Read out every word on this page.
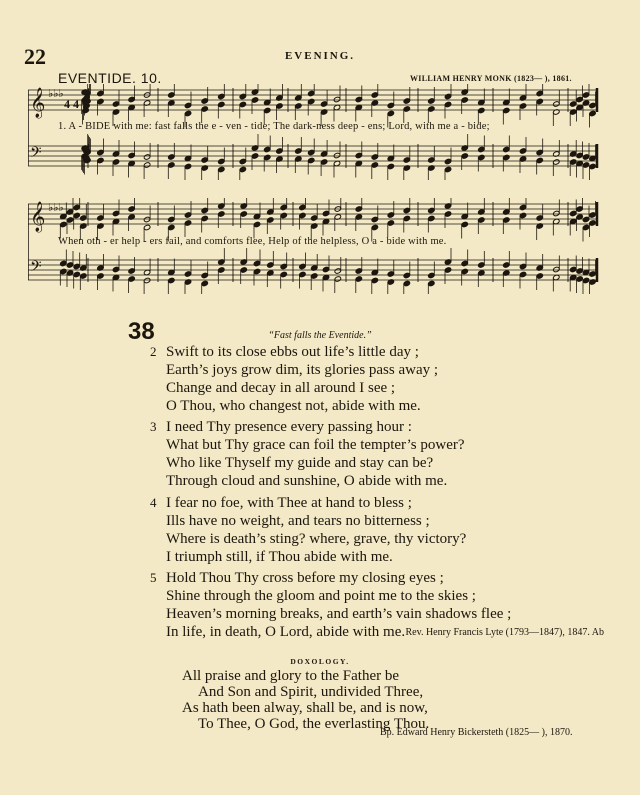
22	EVENING.
EVENTIDE. 10.	WILLIAM HENRY MONK (1823— ), 1861.
𝄞
𝄢
♭♭♭
4 4
1. A - BIDE with me: fast falls the e - ven - tide; The dark-ness deep - ens; Lord, with me a - bide;
𝄞
𝄢
♭♭♭
When oth - er help - ers fail, and comforts flee, Help of the helpless, O a - bide with me.
38	“Fast falls the Eventide.”
2 Swift to its close ebbs out life’s little day ;
Earth’s joys grow dim, its glories pass away ;
Change and decay in all around I see ;
O Thou, who changest not, abide with me.
3 I need Thy presence every passing hour :
What but Thy grace can foil the tempter’s power?
Who like Thyself my guide and stay can be?
Through cloud and sunshine, O abide with me.
4 I fear no foe, with Thee at hand to bless ;
Ills have no weight, and tears no bitterness ;
Where is death’s sting? where, grave, thy victory?
I triumph still, if Thou abide with me.
5 Hold Thou Thy cross before my closing eyes ;
Shine through the gloom and point me to the skies ;
Heaven’s morning breaks, and earth’s vain shadows flee ;
In life, in death, O Lord, abide with me. Rev. Henry Francis Lyte (1793—1847), 1847. Ab
DOXOLOGY.
All praise and glory to the Father be
And Son and Spirit, undivided Three,
As hath been alway, shall be, and is now,
To Thee, O God, the everlasting Thou.
Bp. Edward Henry Bickersteth (1825— ), 1870.
